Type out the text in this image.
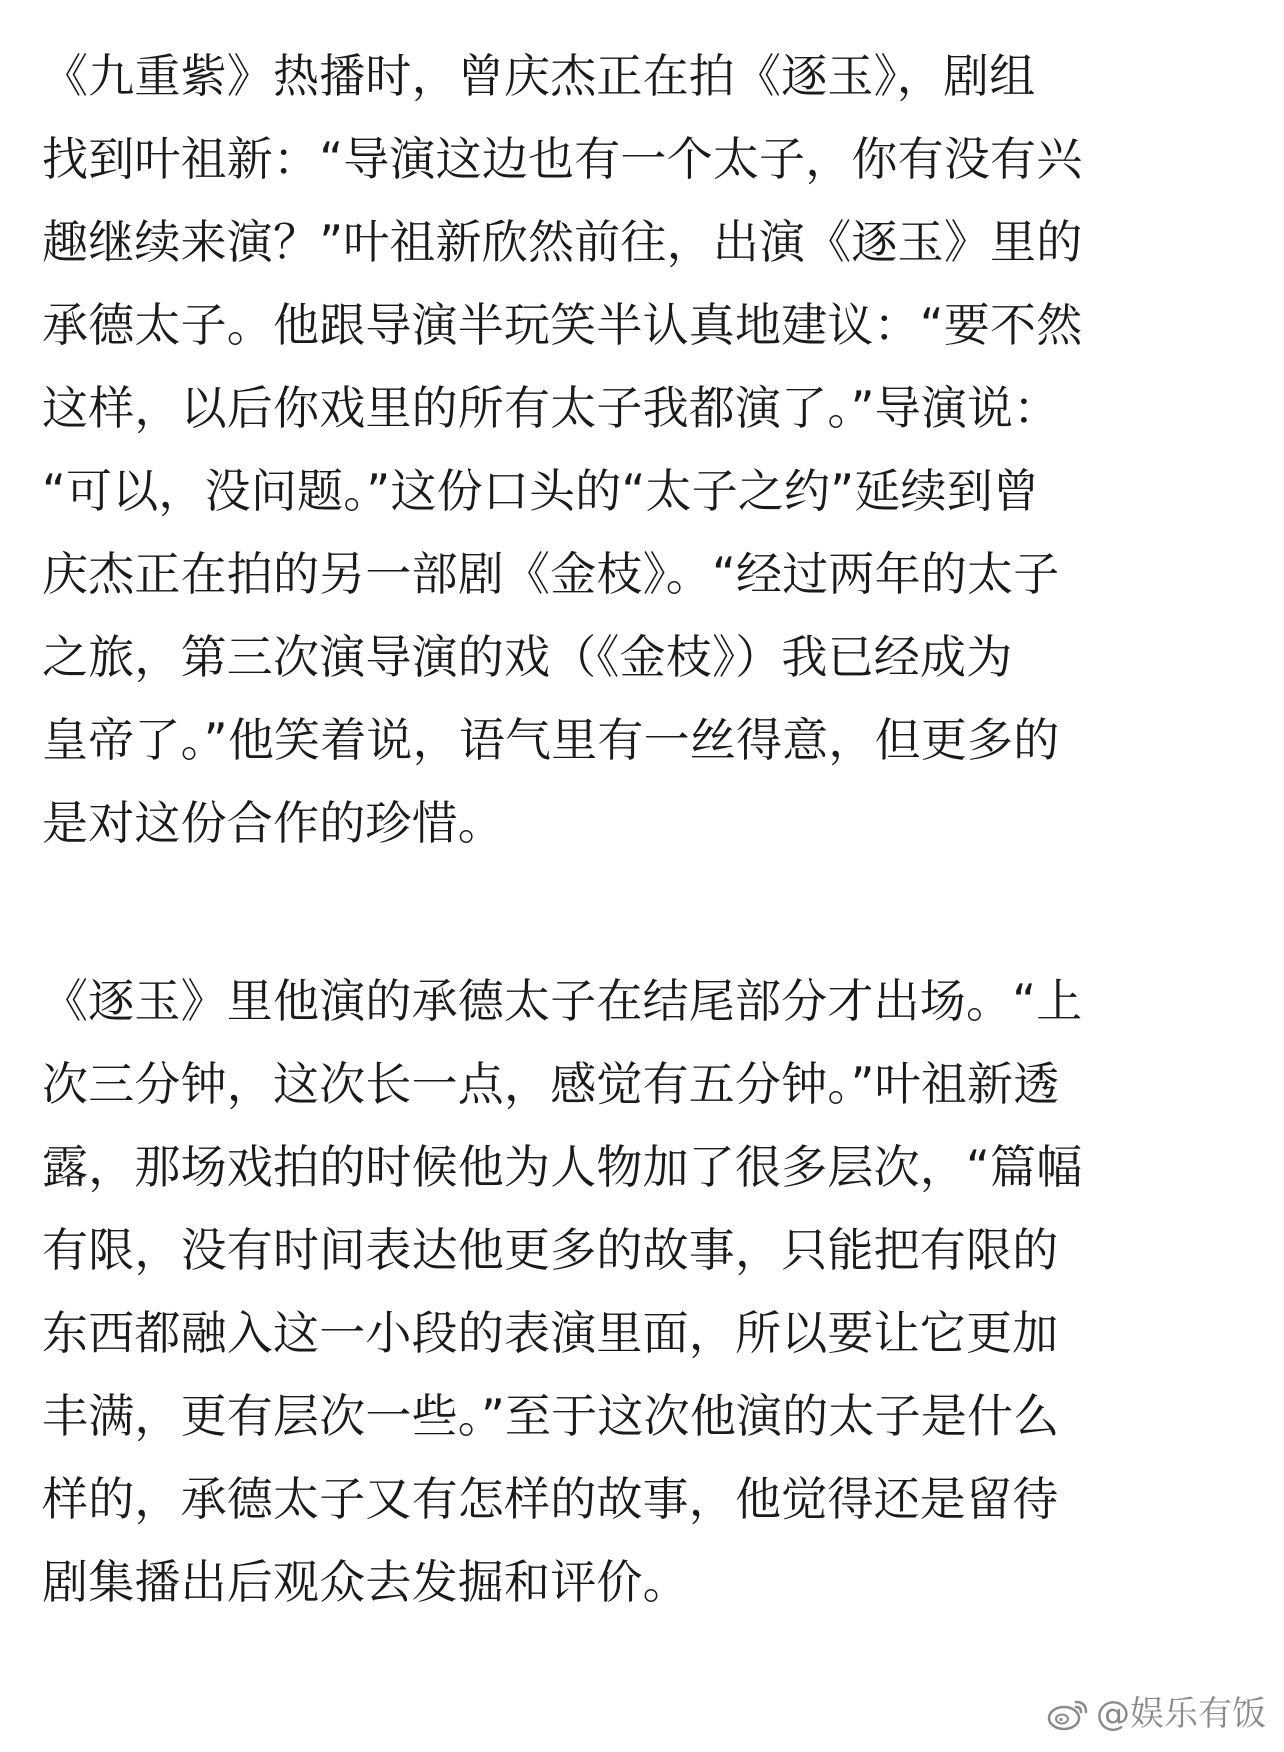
《九重紫》热播时，曾庆杰正在拍《逐玉》，剧组
找到叶祖新：“导演这边也有一个太子，你有没有兴
趣继续来演？”叶祖新欣然前往，出演《逐玉》里的
承德太子。他跟导演半玩笑半认真地建议：“要不然
这样，以后你戏里的所有太子我都演了。”导演说：
“可以，没问题。”这份口头的“太子之约”延续到曾
庆杰正在拍的另一部剧《金枝》。“经过两年的太子
之旅，第三次演导演的戏（《金枝》）我已经成为
皇帝了。”他笑着说，语气里有一丝得意，但更多的
是对这份合作的珍惜。
《逐玉》里他演的承德太子在结尾部分才出场。“上
次三分钟，这次长一点，感觉有五分钟。”叶祖新透
露，那场戏拍的时候他为人物加了很多层次，“篇幅
有限，没有时间表达他更多的故事，只能把有限的
东西都融入这一小段的表演里面，所以要让它更加
丰满，更有层次一些。”至于这次他演的太子是什么
样的，承德太子又有怎样的故事，他觉得还是留待
剧集播出后观众去发掘和评价。
@娱乐有饭
